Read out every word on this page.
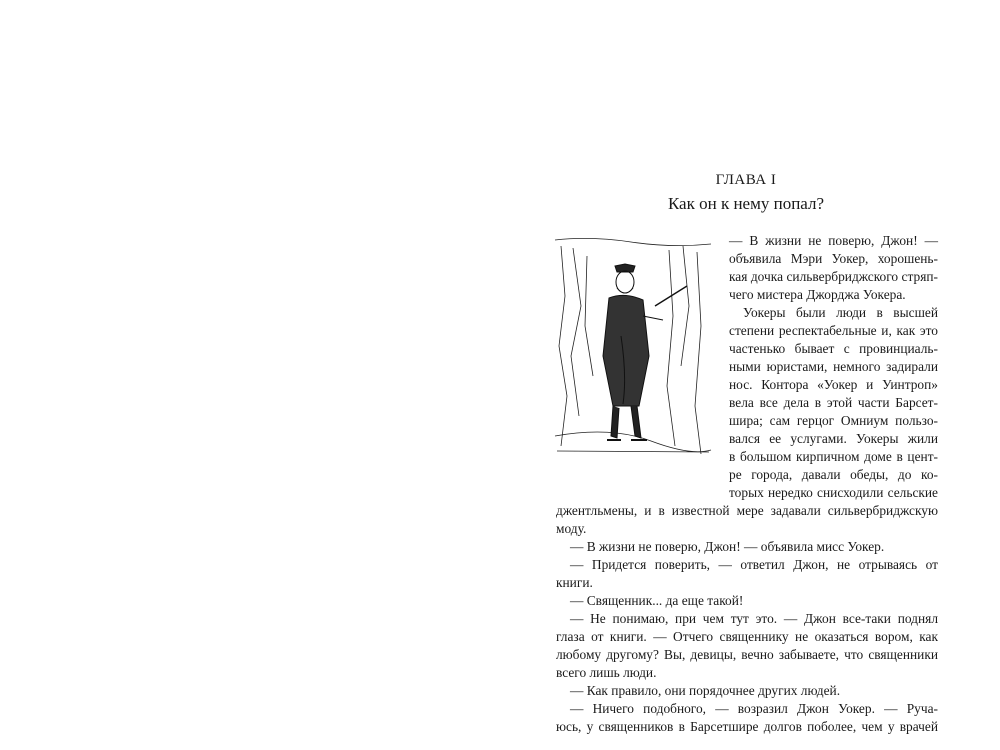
ГЛАВА I
Как он к нему попал?
— В жизни не поверю, Джон! —
объявила Мэри Уокер, хорошень-
кая дочка сильвербриджского стряп-
чего мистера Джорджа Уокера.
Уокеры были люди в высшей
степени респектабельные и, как это
частенько бывает с провинциаль-
ными юристами, немного задирали
нос. Контора «Уокер и Уинтроп»
вела все дела в этой части Барсет-
шира; сам герцог Омниум пользо-
вался ее услугами. Уокеры жили
в большом кирпичном доме в цент-
ре города, давали обеды, до ко-
торых нередко снисходили сельские
джентльмены, и в известной мере задавали сильвербриджскую
моду.
— В жизни не поверю, Джон! — объявила мисс Уокер.
— Придется поверить, — ответил Джон, не отрываясь от
книги.
— Священник... да еще такой!
— Не понимаю, при чем тут это. — Джон все-таки поднял
глаза от книги. — Отчего священнику не оказаться вором, как
любому другому? Вы, девицы, вечно забываете, что священники
всего лишь люди.
— Как правило, они порядочнее других людей.
— Ничего подобного, — возразил Джон Уокер. — Руча-
юсь, у священников в Барсетшире долгов поболее, чем у врачей
